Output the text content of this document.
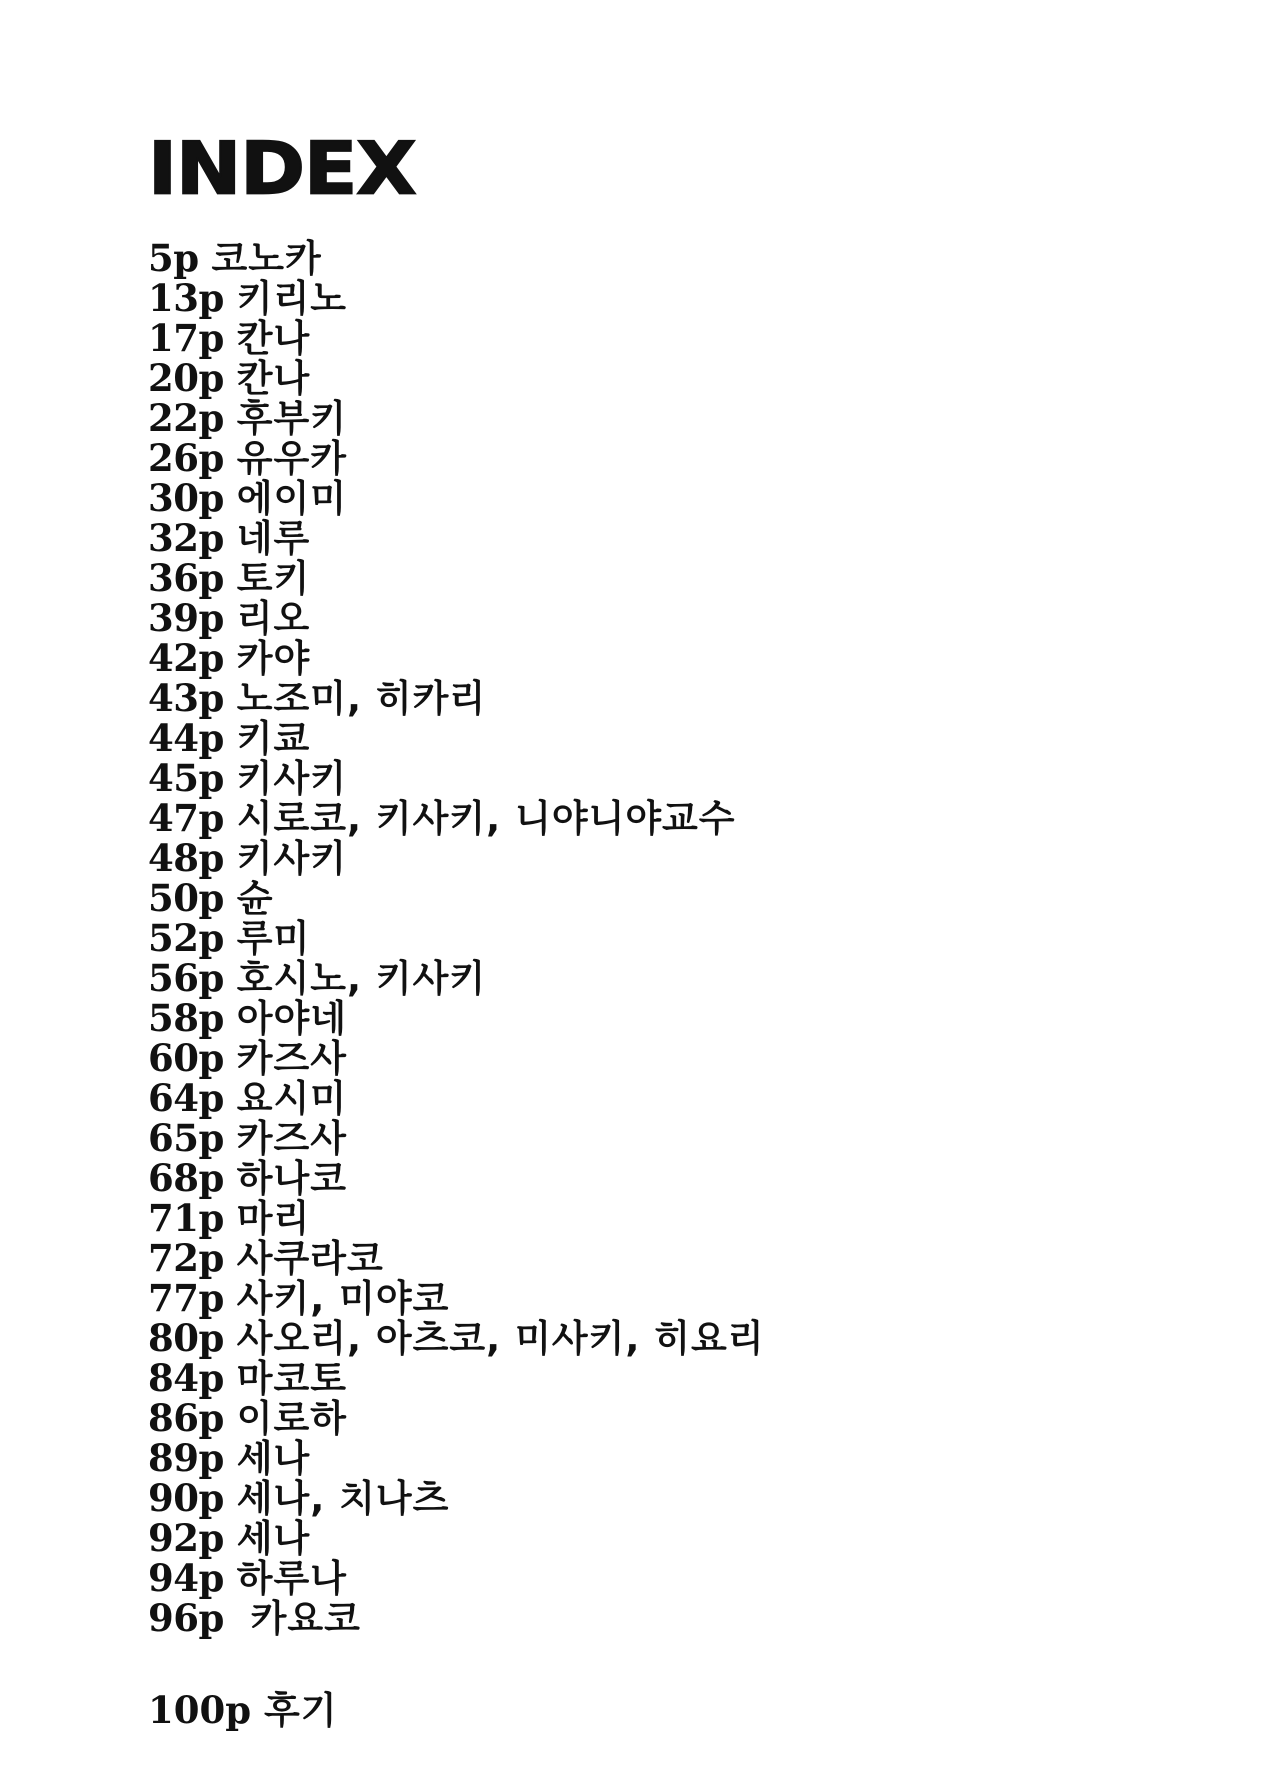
INDEX
5p 코노카
13p 키리노
17p 칸나
20p 칸나
22p 후부키
26p 유우카
30p 에이미
32p 네루
36p 토키
39p 리오
42p 카야
43p 노조미, 히카리
44p 키쿄
45p 키사키
47p 시로코, 키사키, 니야니야교수
48p 키사키
50p 슌
52p 루미
56p 호시노, 키사키
58p 아야네
60p 카즈사
64p 요시미
65p 카즈사
68p 하나코
71p 마리
72p 사쿠라코
77p 사키, 미야코
80p 사오리, 아츠코, 미사키, 히요리
84p 마코토
86p 이로하
89p 세나
90p 세나, 치나츠
92p 세나
94p 하루나
96p  카요코

100p 후기
